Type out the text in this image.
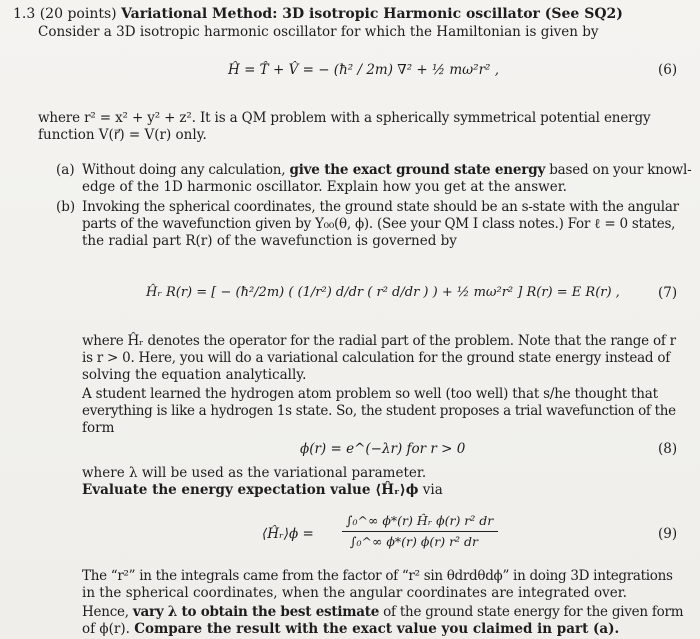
1.3 (20 points) Variational Method: 3D isotropic Harmonic oscillator (See SQ2)
Consider a 3D isotropic harmonic oscillator for which the Hamiltonian is given by
Ĥ = T̂ + V̂ = − (ħ² / 2m) ∇² + ½ mω²r² ,	(6)
where r² = x² + y² + z². It is a QM problem with a spherically symmetrical potential energy
function V(r⃗) = V(r) only.
(a) Without doing any calculation, give the exact ground state energy based on your knowl-
edge of the 1D harmonic oscillator. Explain how you get at the answer.
(b) Invoking the spherical coordinates, the ground state should be an s-state with the angular
parts of the wavefunction given by Y₀₀(θ, ϕ). (See your QM I class notes.) For ℓ = 0 states,
the radial part R(r) of the wavefunction is governed by
Ĥᵣ R(r) = [ − (ħ²/2m) ( (1/r²) d/dr ( r² d/dr ) ) + ½ mω²r² ] R(r) = E R(r) ,	(7)
where Ĥᵣ denotes the operator for the radial part of the problem. Note that the range of r
is r > 0. Here, you will do a variational calculation for the ground state energy instead of
solving the equation analytically.
A student learned the hydrogen atom problem so well (too well) that s/he thought that
everything is like a hydrogen 1s state. So, the student proposes a trial wavefunction of the
form
ϕ(r) = e^(−λr) for r > 0	(8)
where λ will be used as the variational parameter.
Evaluate the energy expectation value ⟨Ĥᵣ⟩ϕ via
⟨Ĥᵣ⟩ϕ =
∫₀^∞ ϕ*(r) Ĥᵣ ϕ(r) r² dr
∫₀^∞ ϕ*(r) ϕ(r) r² dr	(9)
The “r²” in the integrals came from the factor of “r² sin θdrdθdϕ” in doing 3D integrations
in the spherical coordinates, when the angular coordinates are integrated over.
Hence, vary λ to obtain the best estimate of the ground state energy for the given form
of ϕ(r). Compare the result with the exact value you claimed in part (a).
